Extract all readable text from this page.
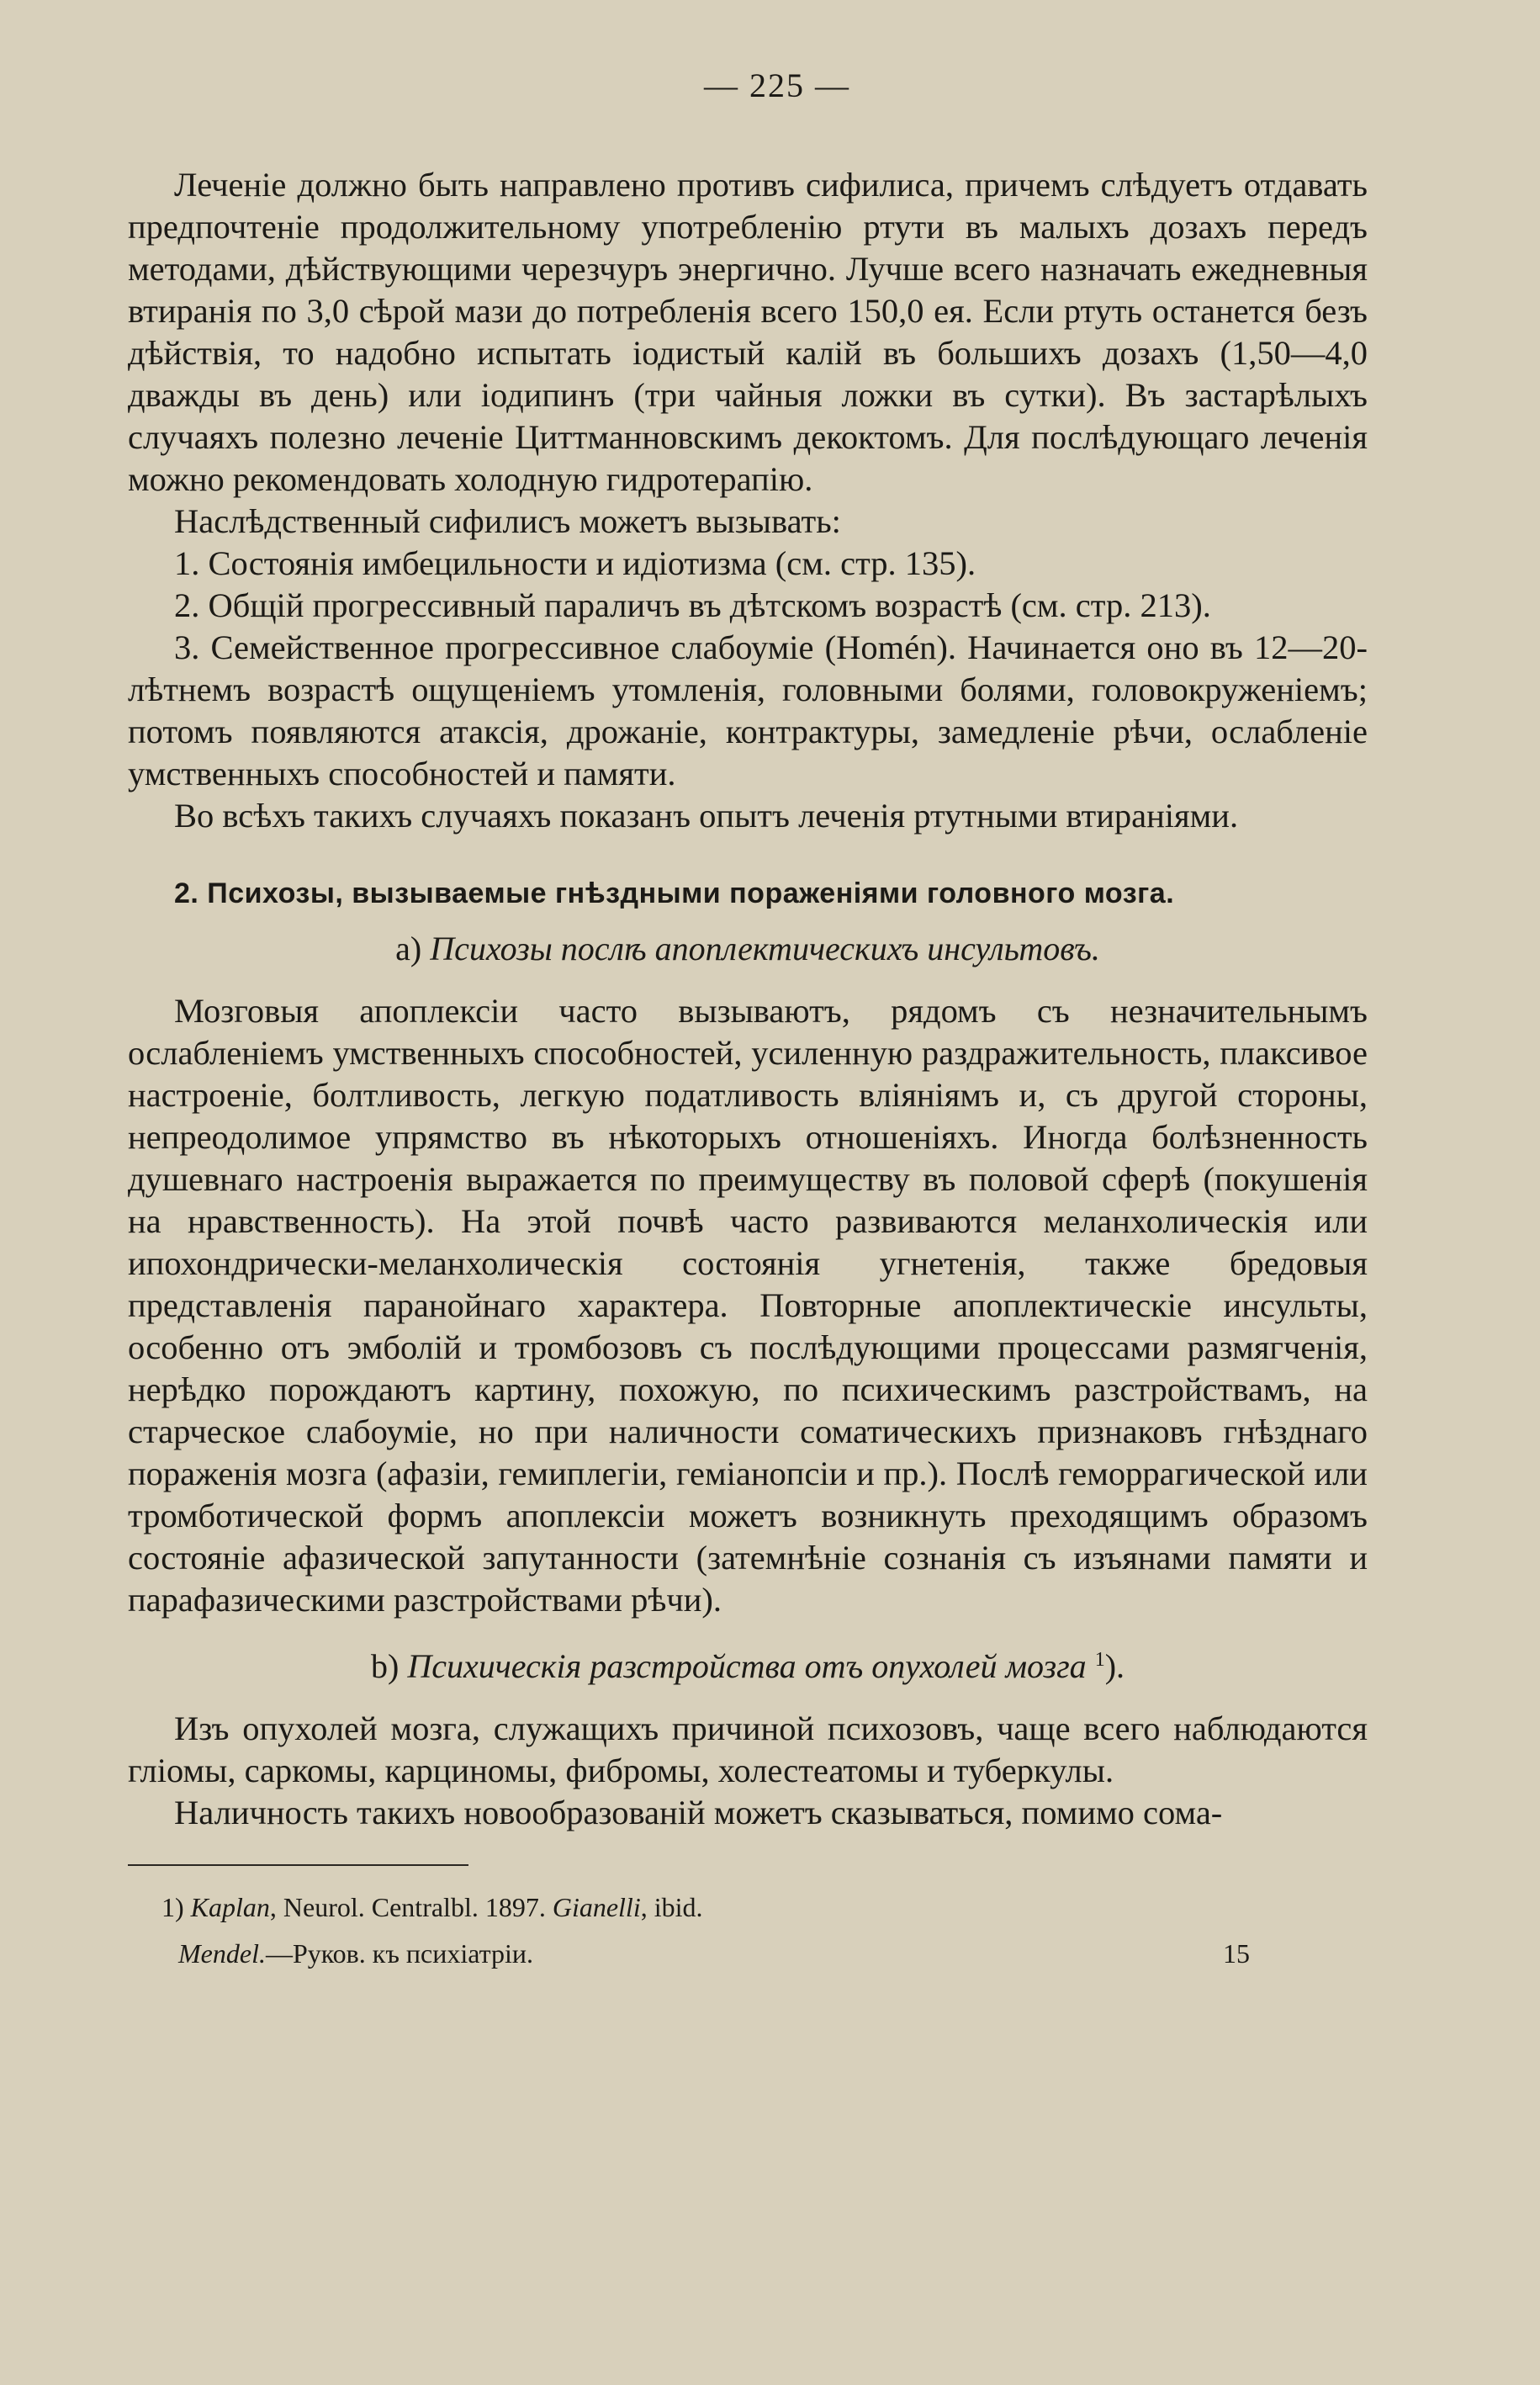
— 225 —

Леченіе должно быть направлено противъ сифилиса, причемъ слѣдуетъ отдавать предпочтеніе продолжительному употребленію ртути въ малыхъ дозахъ передъ методами, дѣйствующими черезчуръ энергично. Лучше всего назначать ежедневныя втиранія по 3,0 сѣрой мази до потребленія всего 150,0 ея. Если ртуть останется безъ дѣйствія, то надобно испытать іодистый калій въ большихъ дозахъ (1,50—4,0 дважды въ день) или іодипинъ (три чайныя ложки въ сутки). Въ застарѣлыхъ случаяхъ полезно леченіе Циттманновскимъ декоктомъ. Для послѣдующаго леченія можно рекомендовать холодную гидротерапію.

Наслѣдственный сифилисъ можетъ вызывать:

1. Состоянія имбецильности и идіотизма (см. стр. 135).

2. Общій прогрессивный параличъ въ дѣтскомъ возрастѣ (см. стр. 213).

3. Семейственное прогрессивное слабоуміе (Homén). Начинается оно въ 12—20-лѣтнемъ возрастѣ ощущеніемъ утомленія, головными болями, головокруженіемъ; потомъ появляются атаксія, дрожаніе, контрактуры, замедленіе рѣчи, ослабленіе умственныхъ способностей и памяти.

Во всѣхъ такихъ случаяхъ показанъ опытъ леченія ртутными втираніями.

2. Психозы, вызываемые гнѣздными пораженіями головного мозга.
a) Психозы послѣ апоплектическихъ инсультовъ.

Мозговыя апоплексіи часто вызываютъ, рядомъ съ незначительнымъ ослабленіемъ умственныхъ способностей, усиленную раздражительность, плаксивое настроеніе, болтливость, легкую податливость вліяніямъ и, съ другой стороны, непреодолимое упрямство въ нѣкоторыхъ отношеніяхъ. Иногда болѣзненность душевнаго настроенія выражается по преимуществу въ половой сферѣ (покушенія на нравственность). На этой почвѣ часто развиваются меланхолическія или ипохондрически-меланхолическія состоянія угнетенія, также бредовыя представленія паранойнаго характера. Повторные апоплектическіе инсульты, особенно отъ эмболій и тромбозовъ съ послѣдующими процессами размягченія, нерѣдко порождаютъ картину, похожую, по психическимъ разстройствамъ, на старческое слабоуміе, но при наличности соматическихъ признаковъ гнѣзднаго пораженія мозга (афазіи, гемиплегіи, геміанопсіи и пр.). Послѣ геморрагической или тромботической формъ апоплексіи можетъ возникнуть преходящимъ образомъ состояніе афазической запутанности (затемнѣніе сознанія съ изъянами памяти и парафазическими разстройствами рѣчи).

b) Психическія разстройства отъ опухолей мозга $^1$).

Изъ опухолей мозга, служащихъ причиной психозовъ, чаще всего наблюдаются гліомы, саркомы, карциномы, фибромы, холестеатомы и туберкулы.

Наличность такихъ новообразованій можетъ сказываться, помимо сома-

1) Kaplan, Neurol. Centralbl. 1897. Gianelli, ibid.
Mendel.—Руков. къ психіатріи.	15
